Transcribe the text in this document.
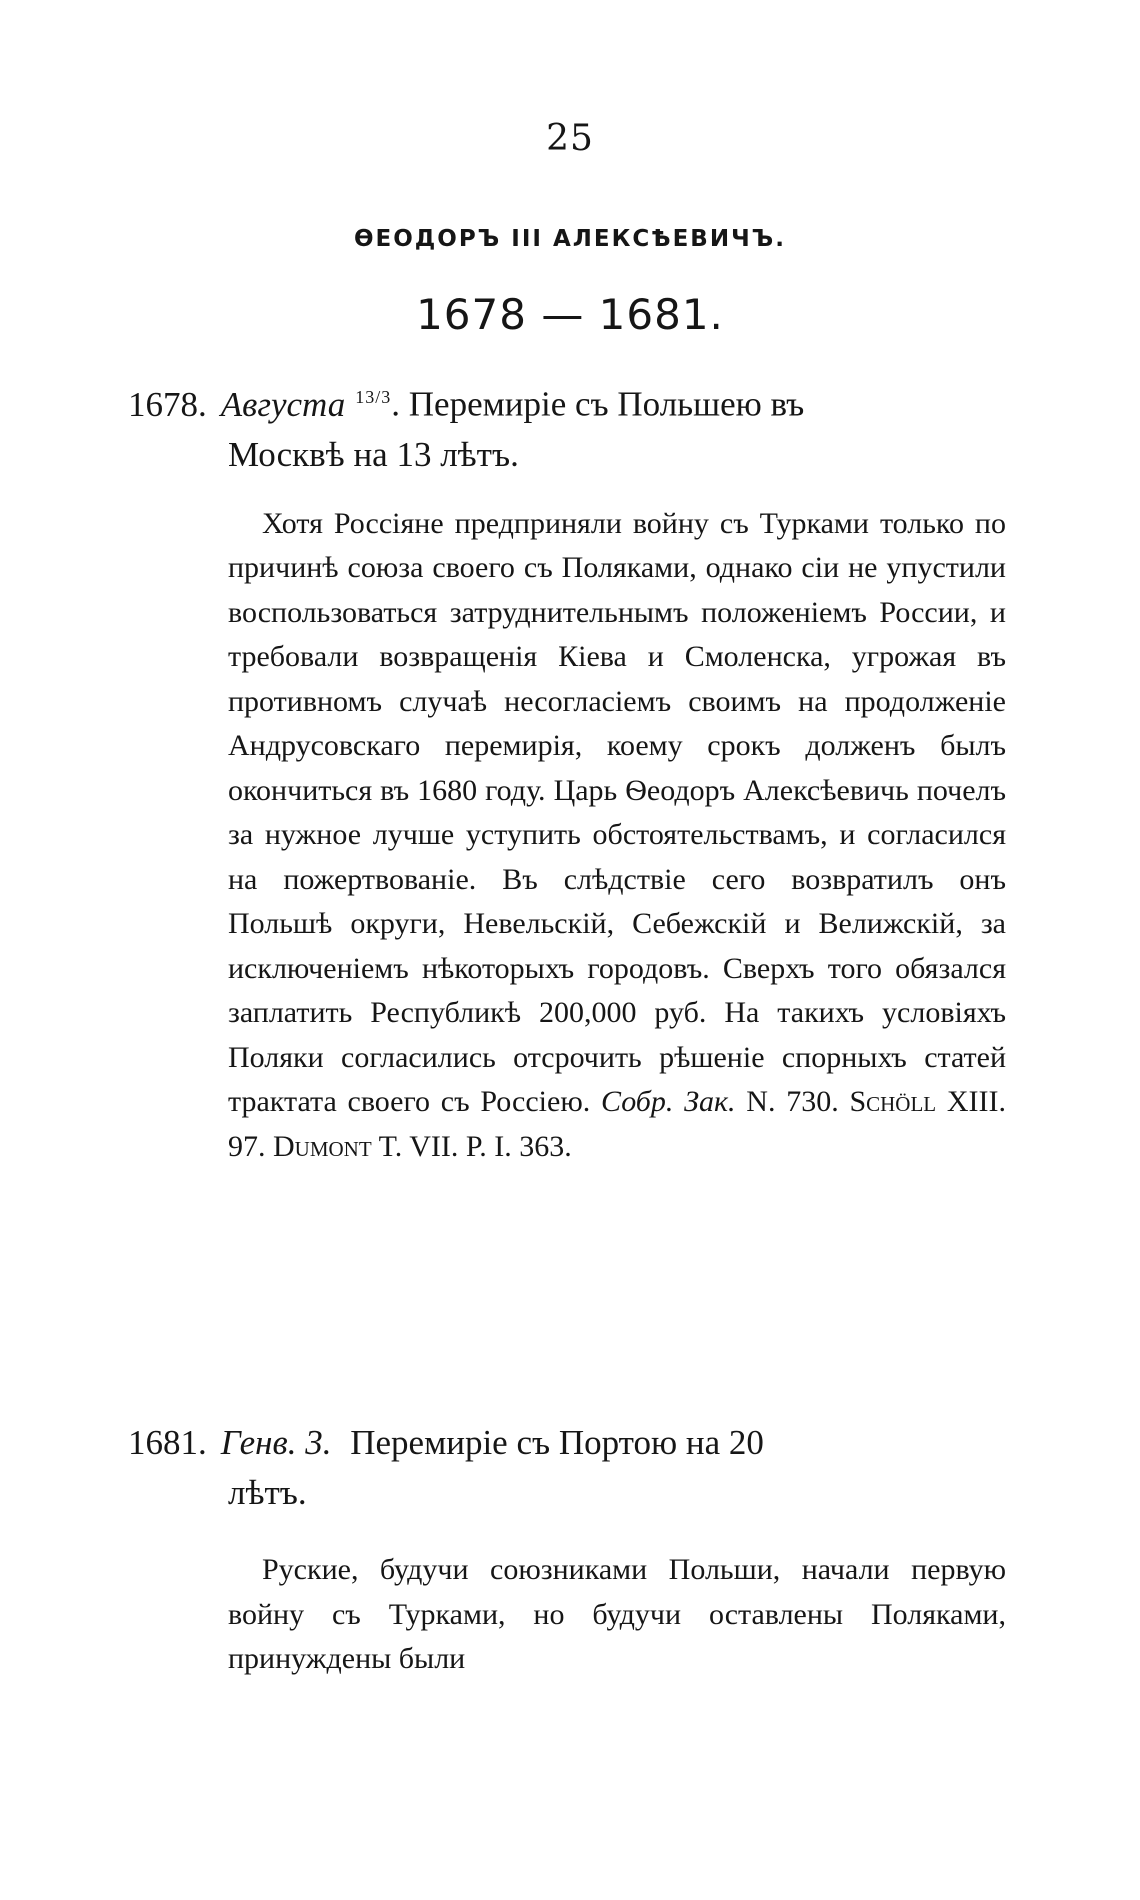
25
ѲЕОДОРЪ III АЛЕКСѢЕВИЧЪ.
1678 — 1681.

1678. Августа $^{13/3}$. Перемиріе съ Польшею въ
Москвѣ на 13 лѣтъ.

Хотя Россіяне предприняли войну съ Турками только по причинѣ союза своего съ Поляками, однако сіи не упустили воспользоваться затруднительнымъ положеніемъ России, и требовали возвращенія Кіева и Смоленска, угрожая въ противномъ случаѣ несогласіемъ своимъ на продолженіе Андрусовскаго перемирія, коему срокъ долженъ былъ окончиться въ 1680 году. Царь Ѳеодоръ Алексѣевичь почелъ за нужное лучше уступить обстоятельствамъ, и согласился на пожертвованіе. Въ слѣдствіе сего возвратилъ онъ Польшѣ округи, Невельскій, Себежскій и Велижскій, за исключеніемъ нѣкоторыхъ городовъ. Сверхъ того обязался заплатить Республикѣ 200,000 руб. На такихъ условіяхъ Поляки согласились отсрочить рѣшеніе спорныхъ статей трактата своего съ Россіею. Собр. Зак. N. 730. Schöll XIII. 97. Dumont T. VII. P. I. 363.

1681. Генв. 3. Перемиріе съ Портою на 20
лѣтъ.

Руские, будучи союзниками Польши, начали первую войну съ Турками, но будучи оставлены Поляками, принуждены были
